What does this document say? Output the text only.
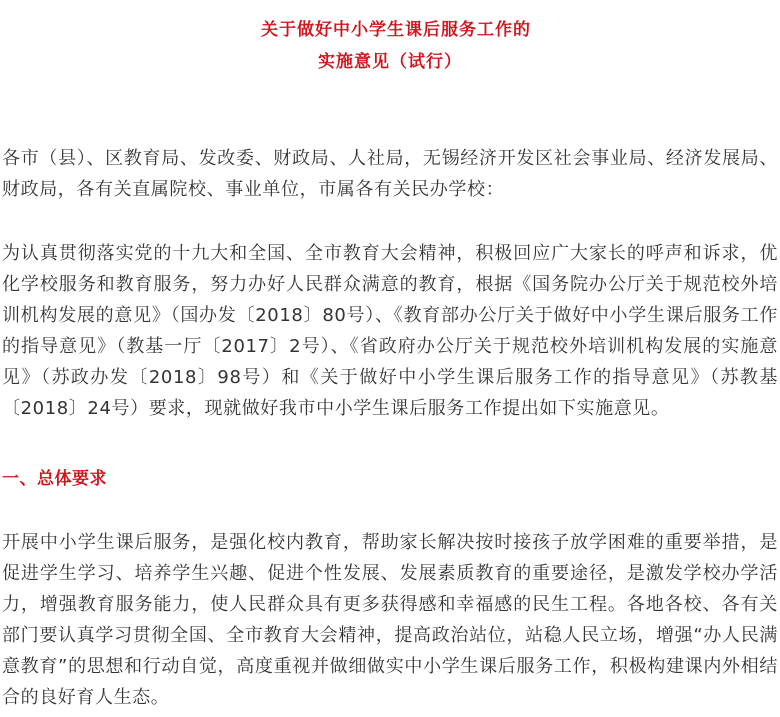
关于做好中小学生课后服务工作的
实施意见（试行）
各市（县）、区教育局、发改委、财政局、人社局，无锡经济开发区社会事业局、经济发展局、财政局，各有关直属院校、事业单位，市属各有关民办学校：
为认真贯彻落实党的十九大和全国、全市教育大会精神，积极回应广大家长的呼声和诉求，优化学校服务和教育服务，努力办好人民群众满意的教育，根据《国务院办公厅关于规范校外培训机构发展的意见》（国办发〔2018〕80号）、《教育部办公厅关于做好中小学生课后服务工作的指导意见》（教基一厅〔2017〕2号）、《省政府办公厅关于规范校外培训机构发展的实施意见》（苏政办发〔2018〕98号）和《关于做好中小学生课后服务工作的指导意见》（苏教基〔2018〕24号）要求，现就做好我市中小学生课后服务工作提出如下实施意见。
一、总体要求
开展中小学生课后服务，是强化校内教育，帮助家长解决按时接孩子放学困难的重要举措，是促进学生学习、培养学生兴趣、促进个性发展、发展素质教育的重要途径，是激发学校办学活力，增强教育服务能力，使人民群众具有更多获得感和幸福感的民生工程。各地各校、各有关部门要认真学习贯彻全国、全市教育大会精神，提高政治站位，站稳人民立场，增强“办人民满意教育”的思想和行动自觉，高度重视并做细做实中小学生课后服务工作，积极构建课内外相结合的良好育人生态。
